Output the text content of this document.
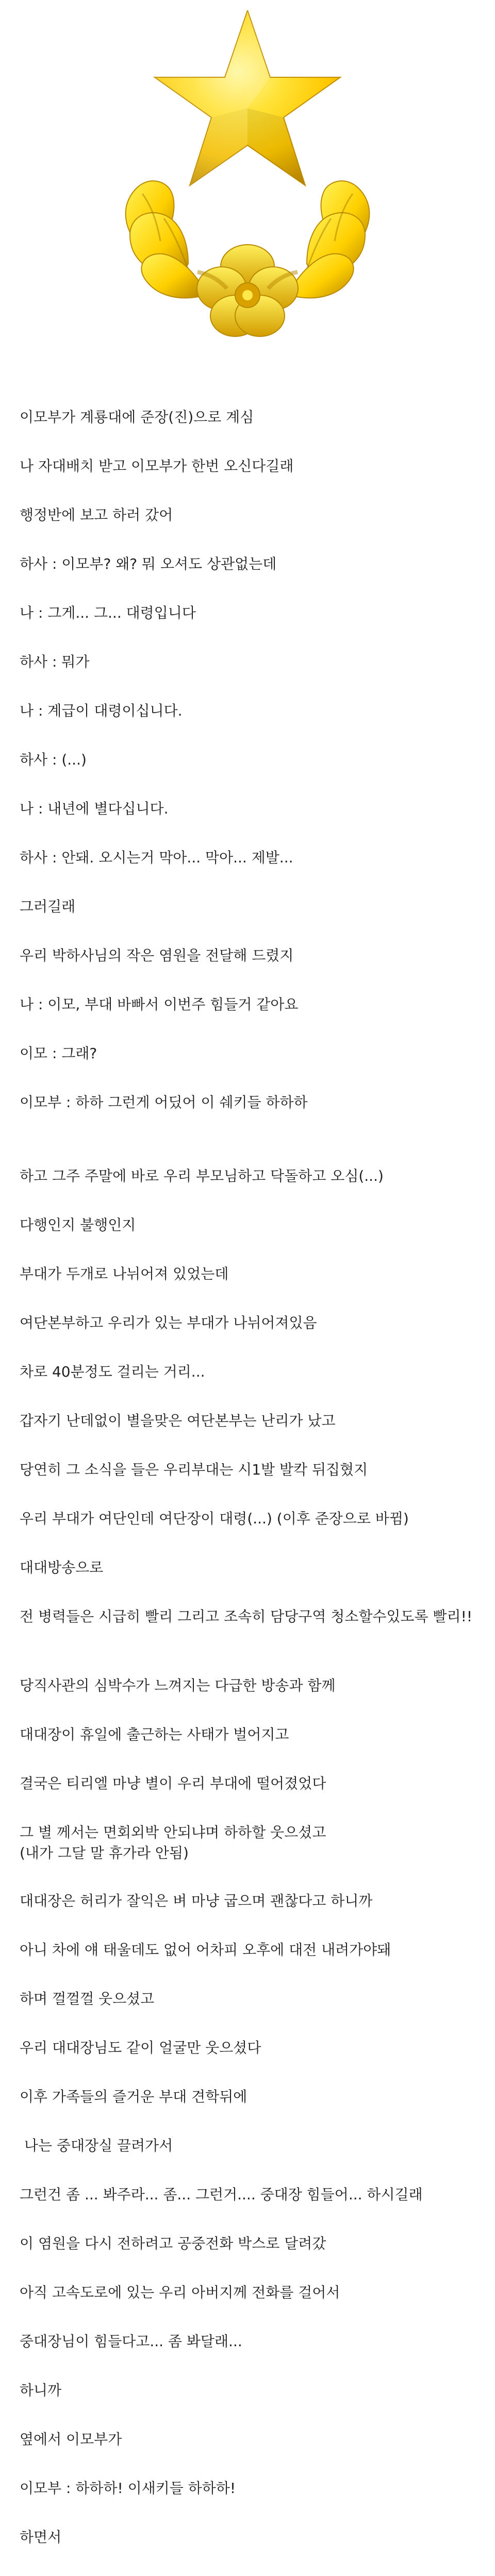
이모부가 계룡대에 준장(진)으로 계심
나 자대배치 받고 이모부가 한번 오신다길래
행정반에 보고 하러 갔어
하사 : 이모부? 왜? 뭐 오셔도 상관없는데
나 : 그게... 그... 대령입니다
하사 : 뭐가
나 : 계급이 대령이십니다.
하사 : (...)
나 : 내년에 별다십니다.
하사 : 안돼. 오시는거 막아... 막아... 제발...
그러길래
우리 박하사님의 작은 염원을 전달해 드렸지
나 : 이모, 부대 바빠서 이번주 힘들거 같아요
이모 : 그래?
이모부 : 하하 그런게 어딨어 이 쉐키들 하하하
하고 그주 주말에 바로 우리 부모님하고 닥돌하고 오심(...)
다행인지 불행인지
부대가 두개로 나뉘어져 있었는데
여단본부하고 우리가 있는 부대가 나뉘어져있음
차로 40분정도 걸리는 거리...
갑자기 난데없이 별을맞은 여단본부는 난리가 났고
당연히 그 소식을 들은 우리부대는 시1발 발칵 뒤집혔지
우리 부대가 여단인데 여단장이 대령(...) (이후 준장으로 바뀜)
대대방송으로
전 병력들은 시급히 빨리 그리고 조속히 담당구역 청소할수있도록 빨리!!
당직사관의 심박수가 느껴지는 다급한 방송과 함께
대대장이 휴일에 출근하는 사태가 벌어지고
결국은 티리엘 마냥 별이 우리 부대에 떨어졌었다
그 별 께서는 면회외박 안되냐며 하하할 웃으셨고
(내가 그달 말 휴가라 안됨)
대대장은 허리가 잘익은 벼 마냥 굽으며 괜찮다고 하니까
아니 차에 얘 태울데도 없어 어차피 오후에 대전 내려가야돼
하며 껄껄껄 웃으셨고
우리 대대장님도 같이 얼굴만 웃으셨다
이후 가족들의 즐거운 부대 견학뒤에
나는 중대장실 끌려가서
그런건 좀 ... 봐주라... 좀... 그런거.... 중대장 힘들어... 하시길래
이 염원을 다시 전하려고 공중전화 박스로 달려갔
아직 고속도로에 있는 우리 아버지께 전화를 걸어서
중대장님이 힘들다고... 좀 봐달래...
하니까
옆에서 이모부가
이모부 : 하하하! 이새키들 하하하!
하면서
